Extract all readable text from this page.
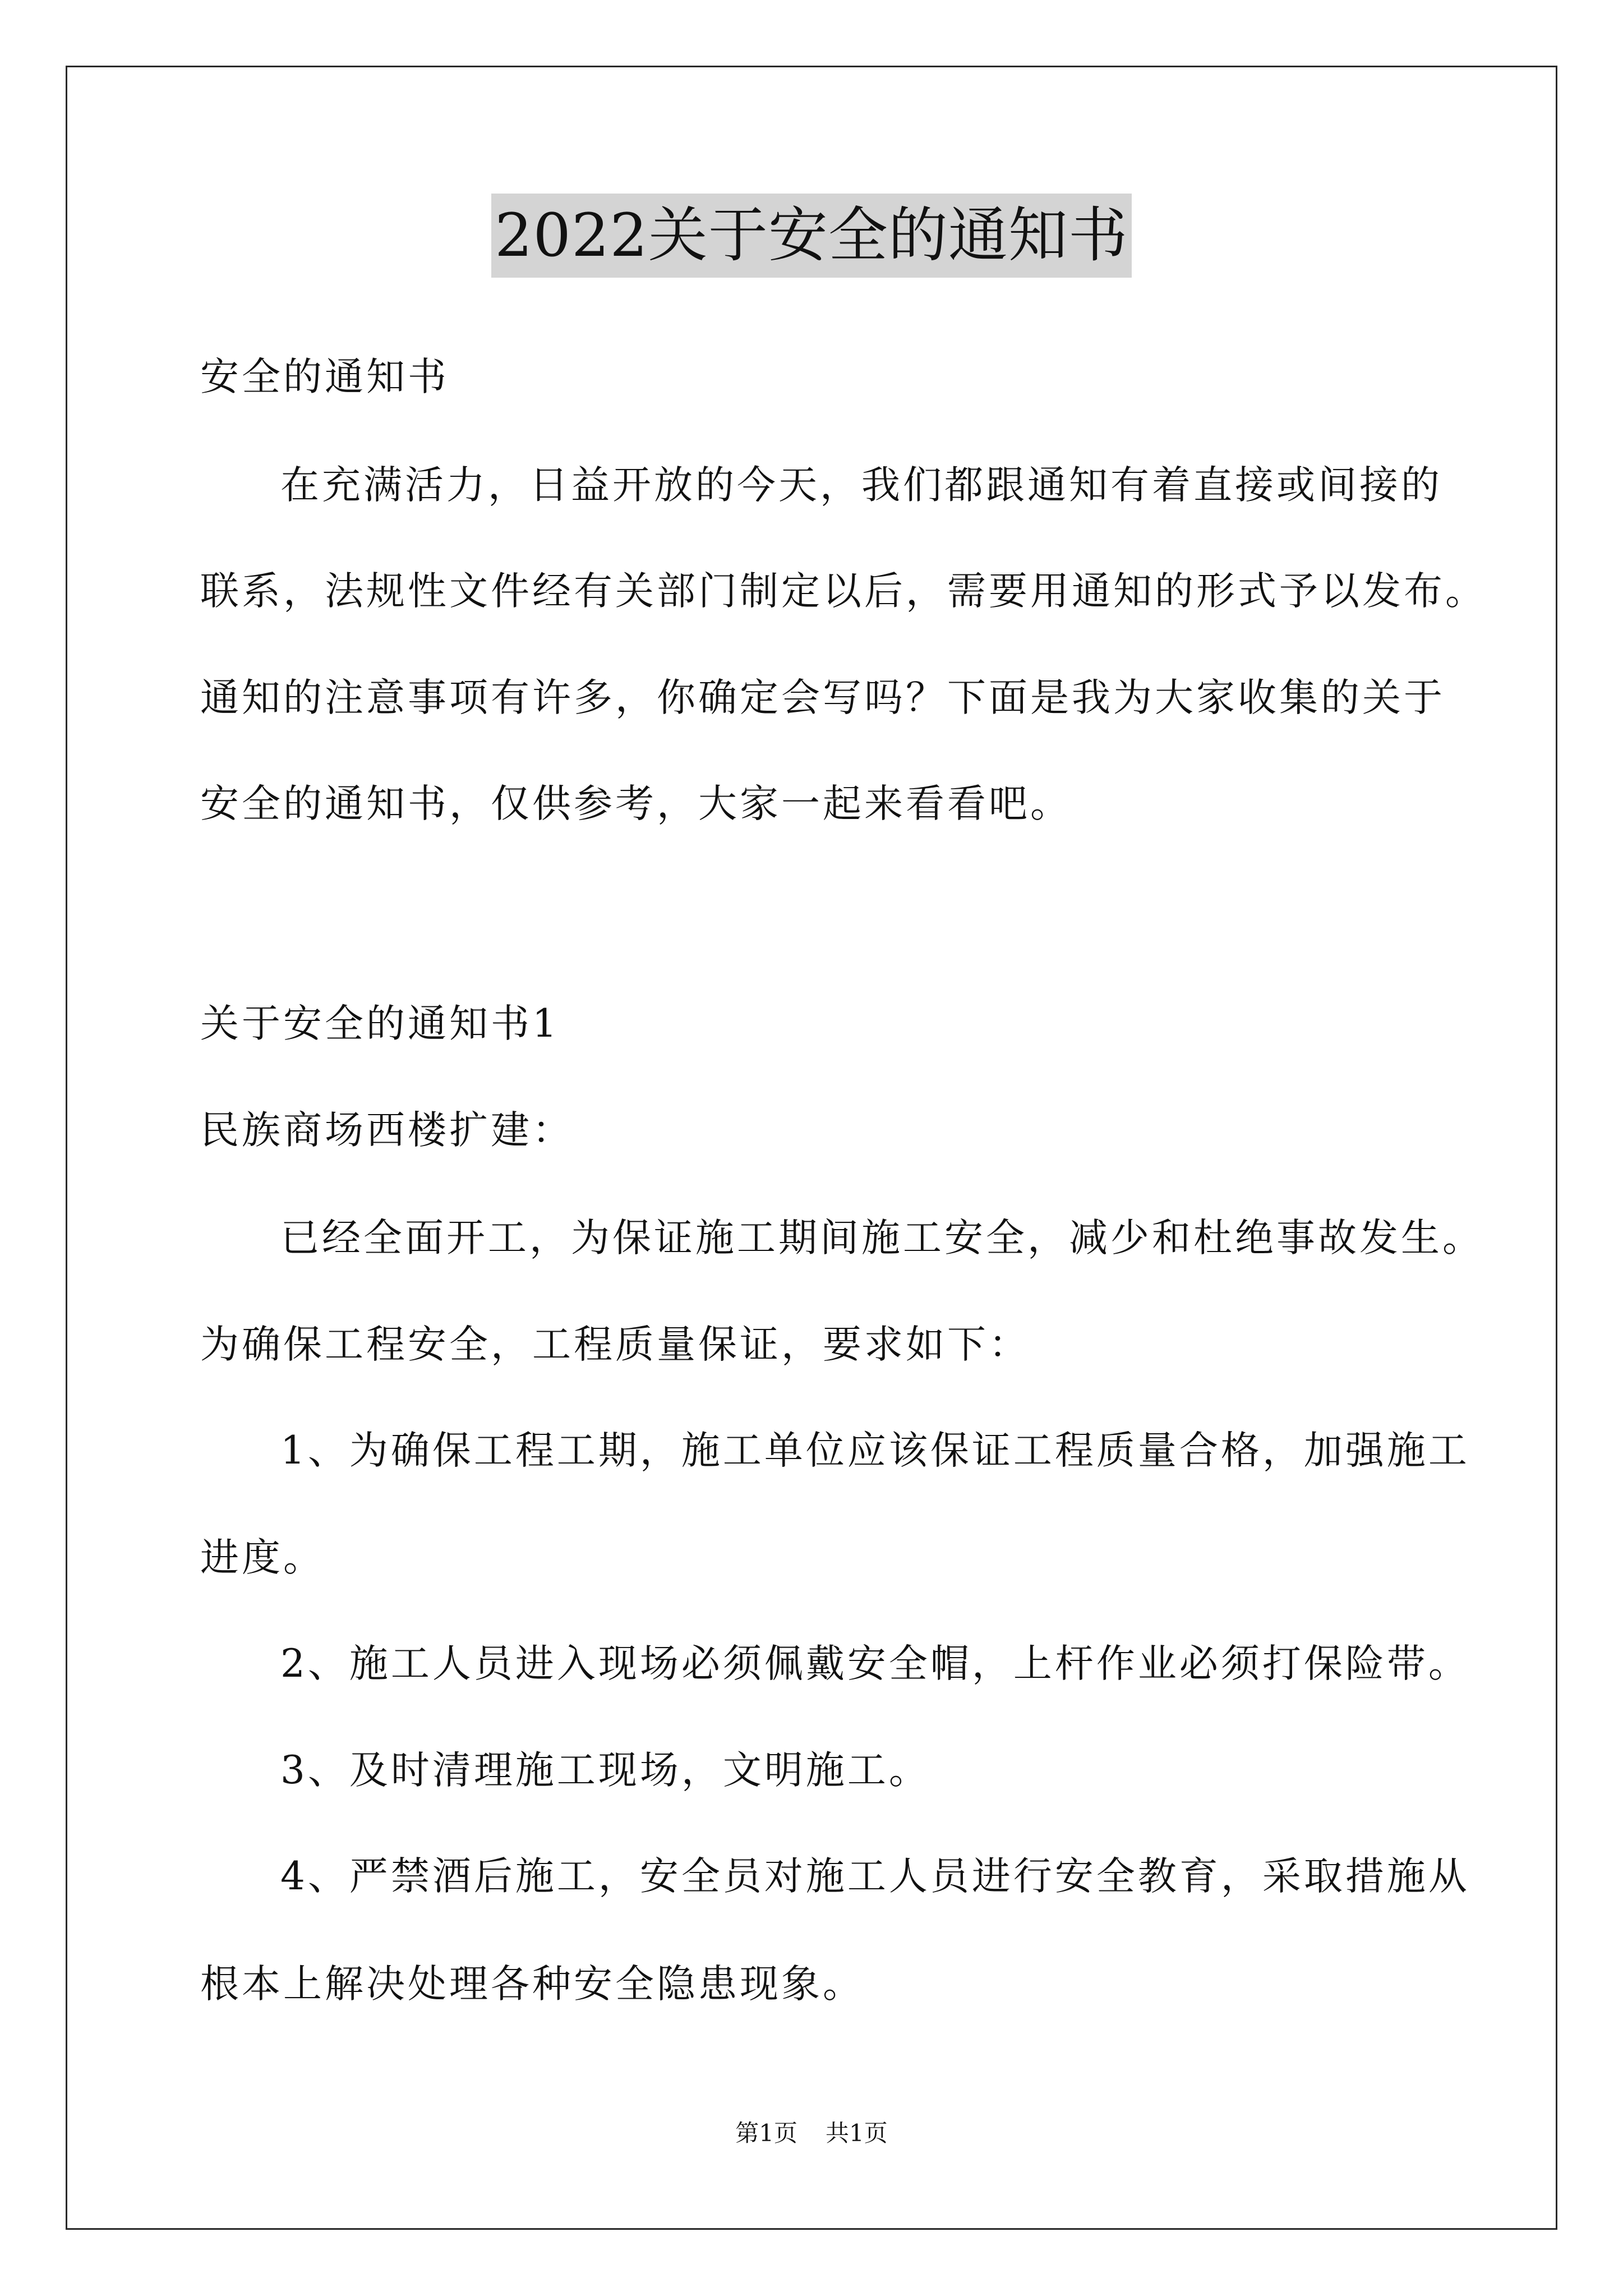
2022关于安全的通知书
安全的通知书
在充满活力，日益开放的今天，我们都跟通知有着直接或间接的
联系，法规性文件经有关部门制定以后，需要用通知的形式予以发布。
通知的注意事项有许多，你确定会写吗？下面是我为大家收集的关于
安全的通知书，仅供参考，大家一起来看看吧。
关于安全的通知书1
民族商场西楼扩建：
已经全面开工，为保证施工期间施工安全，减少和杜绝事故发生。
为确保工程安全，工程质量保证，要求如下：
1、为确保工程工期，施工单位应该保证工程质量合格，加强施工
进度。
2、施工人员进入现场必须佩戴安全帽，上杆作业必须打保险带。
3、及时清理施工现场，文明施工。
4、严禁酒后施工，安全员对施工人员进行安全教育，采取措施从
根本上解决处理各种安全隐患现象。
第1页 共1页
